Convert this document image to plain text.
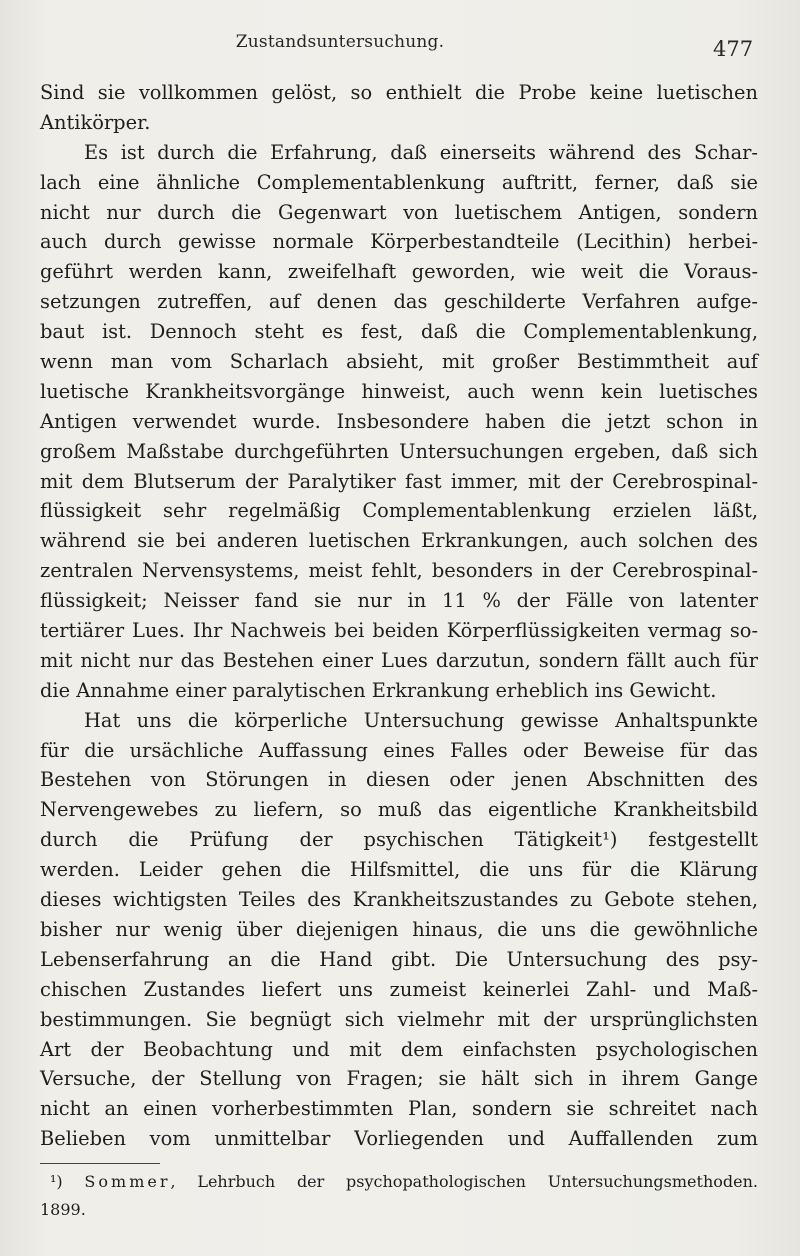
Zustandsuntersuchung.	477
Sind sie vollkommen gelöst, so enthielt die Probe keine luetischen
Antikörper.
Es ist durch die Erfahrung, daß einerseits während des Schar-
lach eine ähnliche Complementablenkung auftritt, ferner, daß sie
nicht nur durch die Gegenwart von luetischem Antigen, sondern
auch durch gewisse normale Körperbestandteile (Lecithin) herbei-
geführt werden kann, zweifelhaft geworden, wie weit die Voraus-
setzungen zutreffen, auf denen das geschilderte Verfahren aufge-
baut ist. Dennoch steht es fest, daß die Complementablenkung,
wenn man vom Scharlach absieht, mit großer Bestimmtheit auf
luetische Krankheitsvorgänge hinweist, auch wenn kein luetisches
Antigen verwendet wurde. Insbesondere haben die jetzt schon in
großem Maßstabe durchgeführten Untersuchungen ergeben, daß sich
mit dem Blutserum der Paralytiker fast immer, mit der Cerebrospinal-
flüssigkeit sehr regelmäßig Complementablenkung erzielen läßt,
während sie bei anderen luetischen Erkrankungen, auch solchen des
zentralen Nervensystems, meist fehlt, besonders in der Cerebrospinal-
flüssigkeit; Neisser fand sie nur in 11 % der Fälle von latenter
tertiärer Lues. Ihr Nachweis bei beiden Körperflüssigkeiten vermag so-
mit nicht nur das Bestehen einer Lues darzutun, sondern fällt auch für
die Annahme einer paralytischen Erkrankung erheblich ins Gewicht.
Hat uns die körperliche Untersuchung gewisse Anhaltspunkte
für die ursächliche Auffassung eines Falles oder Beweise für das
Bestehen von Störungen in diesen oder jenen Abschnitten des
Nervengewebes zu liefern, so muß das eigentliche Krankheitsbild
durch die Prüfung der psychischen Tätigkeit¹) festgestellt
werden. Leider gehen die Hilfsmittel, die uns für die Klärung
dieses wichtigsten Teiles des Krankheitszustandes zu Gebote stehen,
bisher nur wenig über diejenigen hinaus, die uns die gewöhnliche
Lebenserfahrung an die Hand gibt. Die Untersuchung des psy-
chischen Zustandes liefert uns zumeist keinerlei Zahl- und Maß-
bestimmungen. Sie begnügt sich vielmehr mit der ursprünglichsten
Art der Beobachtung und mit dem einfachsten psychologischen
Versuche, der Stellung von Fragen; sie hält sich in ihrem Gange
nicht an einen vorherbestimmten Plan, sondern sie schreitet nach
Belieben vom unmittelbar Vorliegenden und Auffallenden zum
¹) Sommer, Lehrbuch der psychopathologischen Untersuchungsmethoden.
1899.
